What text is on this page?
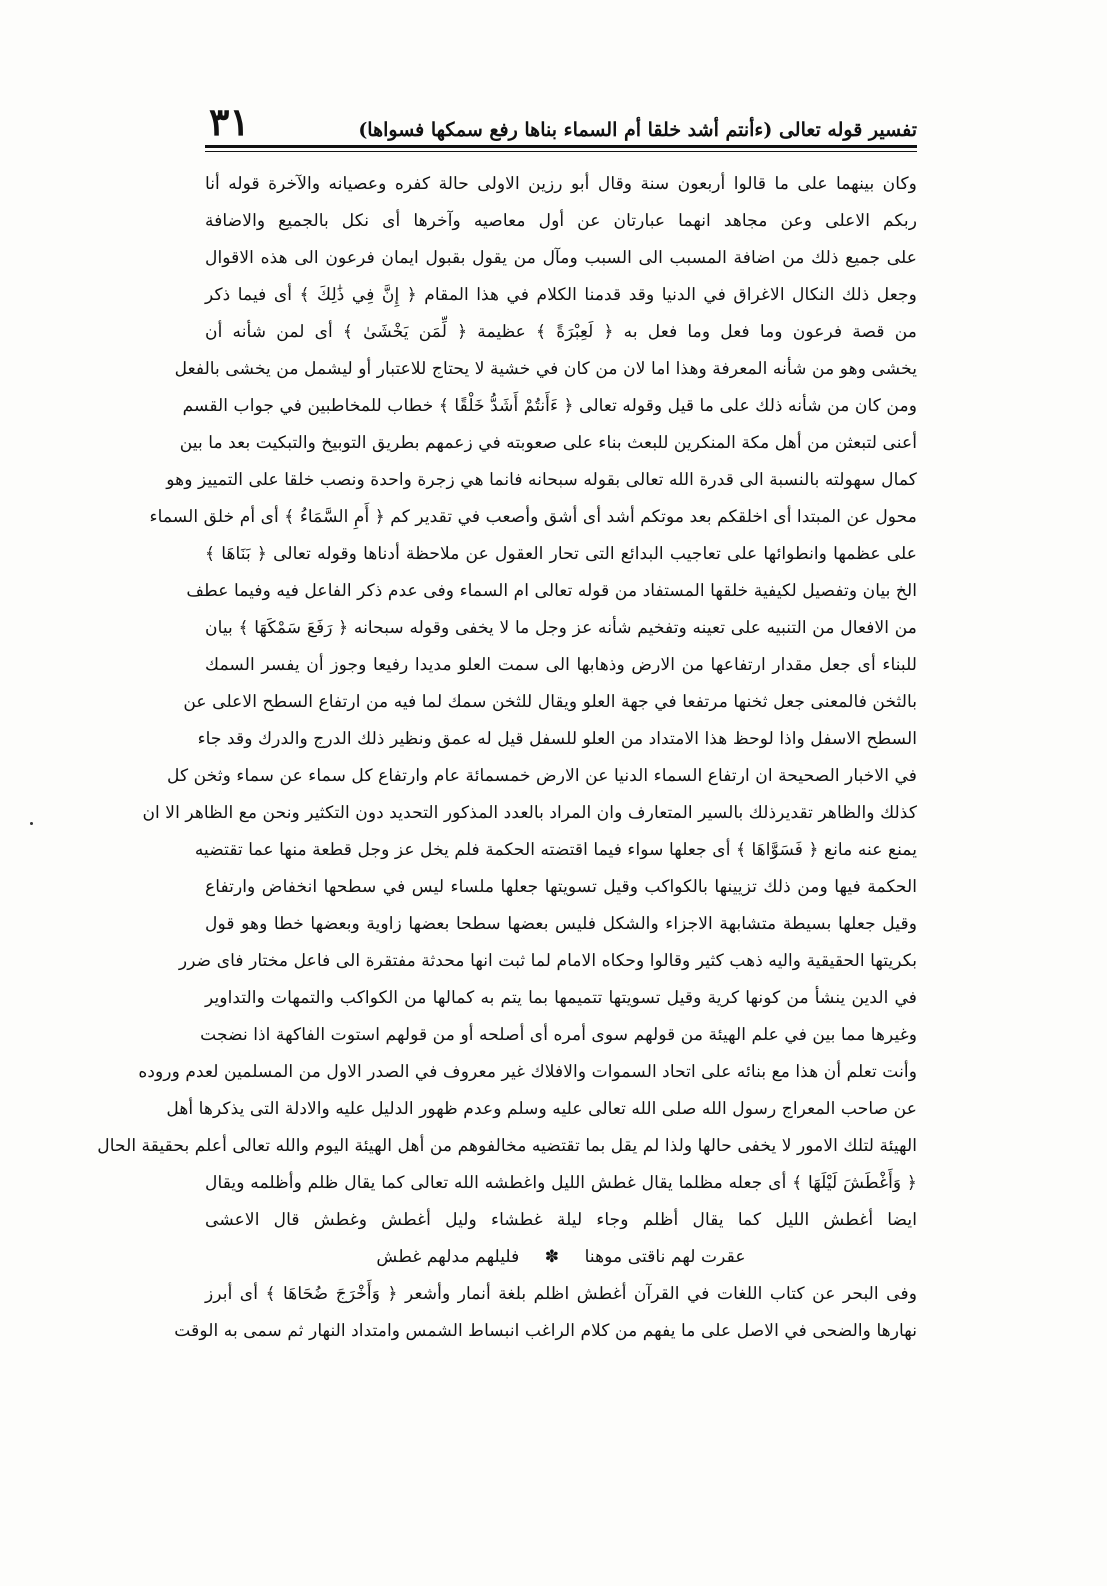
تفسير قوله تعالى (ءأنتم أشد خلقا أم السماء بناها رفع سمكها فسواها)
٣١
وكان بينهما على ما قالوا أربعون سنة وقال أبو رزين الاولى حالة كفره وعصيانه والآخرة قوله أنا
ربكم الاعلى وعن مجاهد انهما عبارتان عن أول معاصيه وآخرها أى نكل بالجميع والاضافة
على جميع ذلك من اضافة المسبب الى السبب ومآل من يقول بقبول ايمان فرعون الى هذه الاقوال
وجعل ذلك النكال الاغراق في الدنيا وقد قدمنا الكلام في هذا المقام ﴿ إِنَّ فِي ذَٰلِكَ ﴾ أى فيما ذكر
من قصة فرعون وما فعل وما فعل به ﴿ لَعِبْرَةً ﴾ عظيمة ﴿ لِّمَن يَخْشَىٰ ﴾ أى لمن شأنه أن
يخشى وهو من شأنه المعرفة وهذا اما لان من كان في خشية لا يحتاج للاعتبار أو ليشمل من يخشى بالفعل
ومن كان من شأنه ذلك على ما قيل وقوله تعالى ﴿ ءَأَنتُمْ أَشَدُّ خَلْقًا ﴾ خطاب للمخاطبين في جواب القسم
أعنى لتبعثن من أهل مكة المنكرين للبعث بناء على صعوبته في زعمهم بطريق التوبيخ والتبكيت بعد ما بين
كمال سهولته بالنسبة الى قدرة الله تعالى بقوله سبحانه فانما هي زجرة واحدة ونصب خلقا على التمييز وهو
محول عن المبتدا أى اخلقكم بعد موتكم أشد أى أشق وأصعب في تقدير كم ﴿ أَمِ السَّمَاءُ ﴾ أى أم خلق السماء
على عظمها وانطوائها على تعاجيب البدائع التى تحار العقول عن ملاحظة أدناها وقوله تعالى ﴿ بَنَاهَا ﴾
الخ بيان وتفصيل لكيفية خلقها المستفاد من قوله تعالى ام السماء وفى عدم ذكر الفاعل فيه وفيما عطف
من الافعال من التنبيه على تعينه وتفخيم شأنه عز وجل ما لا يخفى وقوله سبحانه ﴿ رَفَعَ سَمْكَهَا ﴾ بيان
للبناء أى جعل مقدار ارتفاعها من الارض وذهابها الى سمت العلو مديدا رفيعا وجوز أن يفسر السمك
بالثخن فالمعنى جعل ثخنها مرتفعا في جهة العلو ويقال للثخن سمك لما فيه من ارتفاع السطح الاعلى عن
السطح الاسفل واذا لوحظ هذا الامتداد من العلو للسفل قيل له عمق ونظير ذلك الدرج والدرك وقد جاء
في الاخبار الصحيحة ان ارتفاع السماء الدنيا عن الارض خمسمائة عام وارتفاع كل سماء عن سماء وثخن كل
كذلك والظاهر تقديرذلك بالسير المتعارف وان المراد بالعدد المذكور التحديد دون التكثير ونحن مع الظاهر الا ان
يمنع عنه مانع ﴿ فَسَوَّاهَا ﴾ أى جعلها سواء فيما اقتضته الحكمة فلم يخل عز وجل قطعة منها عما تقتضيه
الحكمة فيها ومن ذلك تزيينها بالكواكب وقيل تسويتها جعلها ملساء ليس في سطحها انخفاض وارتفاع
وقيل جعلها بسيطة متشابهة الاجزاء والشكل فليس بعضها سطحا بعضها زاوية وبعضها خطا وهو قول
بكريتها الحقيقية واليه ذهب كثير وقالوا وحكاه الامام لما ثبت انها محدثة مفتقرة الى فاعل مختار فاى ضرر
في الدين ينشأ من كونها كرية وقيل تسويتها تتميمها بما يتم به كمالها من الكواكب والتمهات والتداوير
وغيرها مما بين في علم الهيئة من قولهم سوى أمره أى أصلحه أو من قولهم استوت الفاكهة اذا نضجت
وأنت تعلم أن هذا مع بنائه على اتحاد السموات والافلاك غير معروف في الصدر الاول من المسلمين لعدم وروده
عن صاحب المعراج رسول الله صلى الله تعالى عليه وسلم وعدم ظهور الدليل عليه والادلة التى يذكرها أهل
الهيئة لتلك الامور لا يخفى حالها ولذا لم يقل بما تقتضيه مخالفوهم من أهل الهيئة اليوم والله تعالى أعلم بحقيقة الحال
﴿ وَأَغْطَشَ لَيْلَهَا ﴾ أى جعله مظلما يقال غطش الليل واغطشه الله تعالى كما يقال ظلم وأظلمه ويقال
ايضا أغطش الليل كما يقال أظلم وجاء ليلة غطشاء وليل أغطش وغطش قال الاعشى
عقرت لهم ناقتى موهنا ✽ فليلهم مدلهم غطش
وفى البحر عن كتاب اللغات في القرآن أغطش اظلم بلغة أنمار وأشعر ﴿ وَأَخْرَجَ ضُحَاهَا ﴾ أى أبرز
نهارها والضحى في الاصل على ما يفهم من كلام الراغب انبساط الشمس وامتداد النهار ثم سمى به الوقت
